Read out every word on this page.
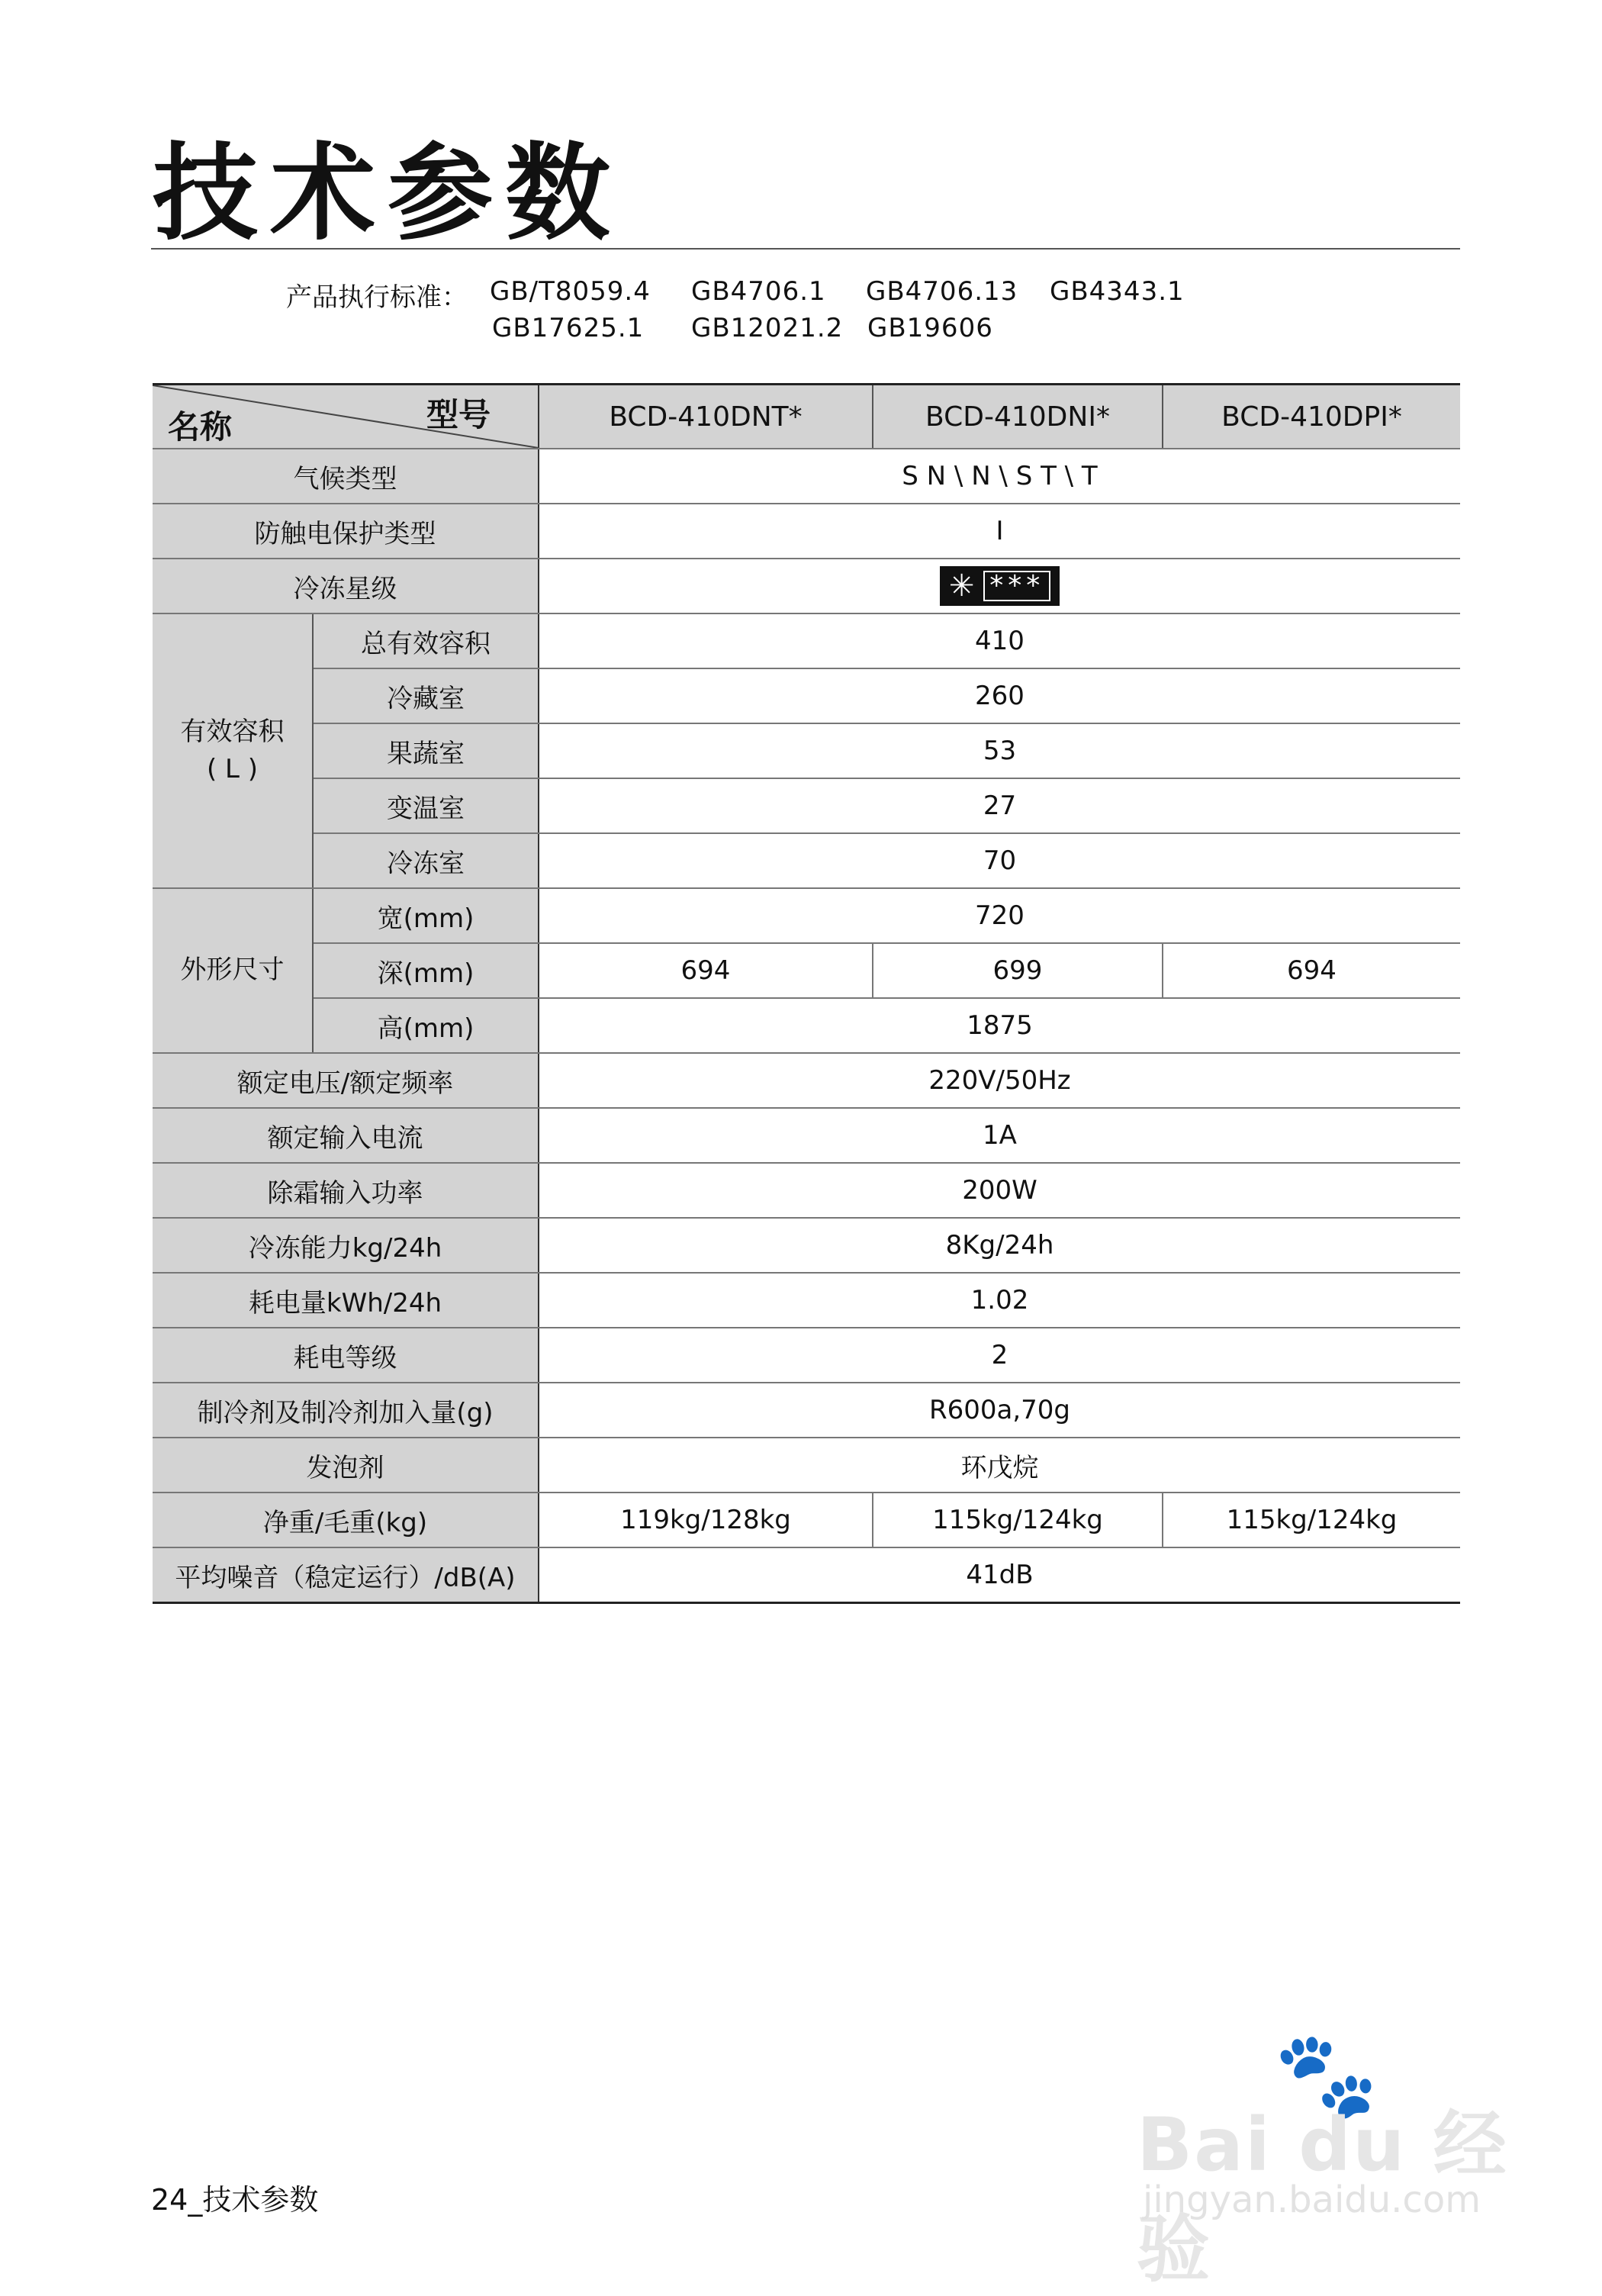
技术参数
产品执行标准： GB/T8059.4 GB4706.1 GB4706.13 GB4343.1
GB17625.1 GB12021.2 GB19606
型号
名称		BCD-410DNT*	BCD-410DNI*	BCD-410DPI*
气候类型		S N \ N \ S T \ T		
防触电保护类型		I		
冷冻星级		✳ ***		

有效容积
( L )	总有效容积	410		
	冷藏室	260		
	果蔬室	53		
	变温室	27		
	冷冻室	70		
外形尺寸	宽(mm)	720		
	深(mm)	694	699	694
	高(mm)	1875		
额定电压/额定频率		220V/50Hz		
额定输入电流		1A		
除霜输入功率		200W		
冷冻能力kg/24h		8Kg/24h		
耗电量kWh/24h		1.02		
耗电等级		2		
制冷剂及制冷剂加入量(g)		R600a,70g		
发泡剂		环戊烷		
净重/毛重(kg)		119kg/128kg	115kg/124kg	115kg/124kg
平均噪音（稳定运行）/dB(A)		41dB		
🐾
Bai du 经验
jingyan.baidu.com
24_技术参数
